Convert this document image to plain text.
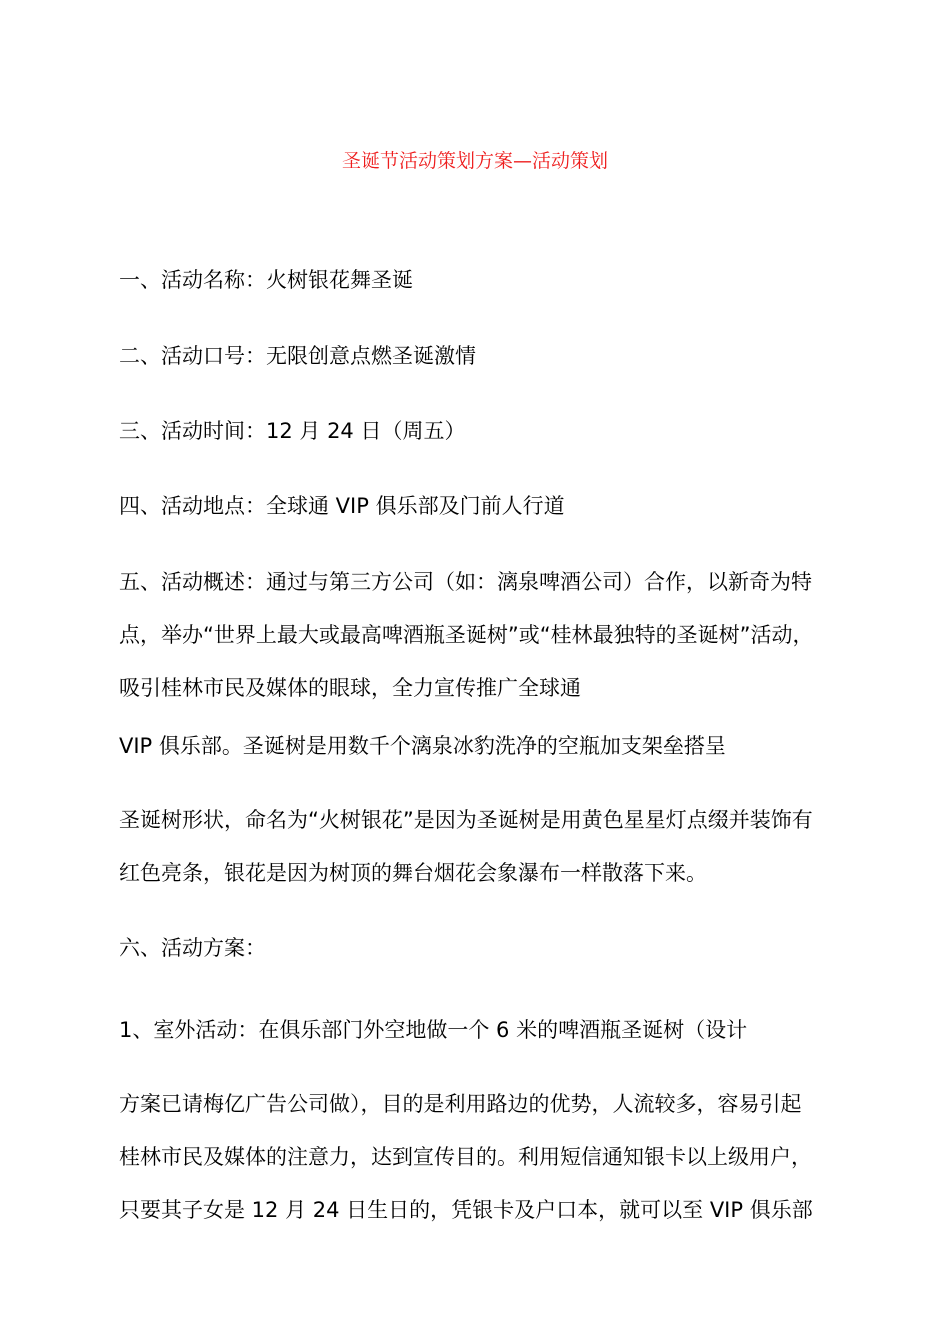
圣诞节活动策划方案—活动策划
一、活动名称：火树银花舞圣诞
二、活动口号：无限创意点燃圣诞激情
三、活动时间：12 月 24 日（周五）
四、活动地点：全球通 VIP 俱乐部及门前人行道
五、活动概述：通过与第三方公司（如：漓泉啤酒公司）合作，以新奇为特
点，举办“世界上最大或最高啤酒瓶圣诞树”或“桂林最独特的圣诞树”活动，
吸引桂林市民及媒体的眼球，全力宣传推广全球通
VIP 俱乐部。圣诞树是用数千个漓泉冰豹洗净的空瓶加支架垒搭呈
圣诞树形状，命名为“火树银花”是因为圣诞树是用黄色星星灯点缀并装饰有
红色亮条，银花是因为树顶的舞台烟花会象瀑布一样散落下来。
六、活动方案：
1、室外活动：在俱乐部门外空地做一个 6 米的啤酒瓶圣诞树（设计
方案已请梅亿广告公司做），目的是利用路边的优势，人流较多，容易引起
桂林市民及媒体的注意力，达到宣传目的。利用短信通知银卡以上级用户，
只要其子女是 12 月 24 日生日的，凭银卡及户口本，就可以至 VIP 俱乐部
